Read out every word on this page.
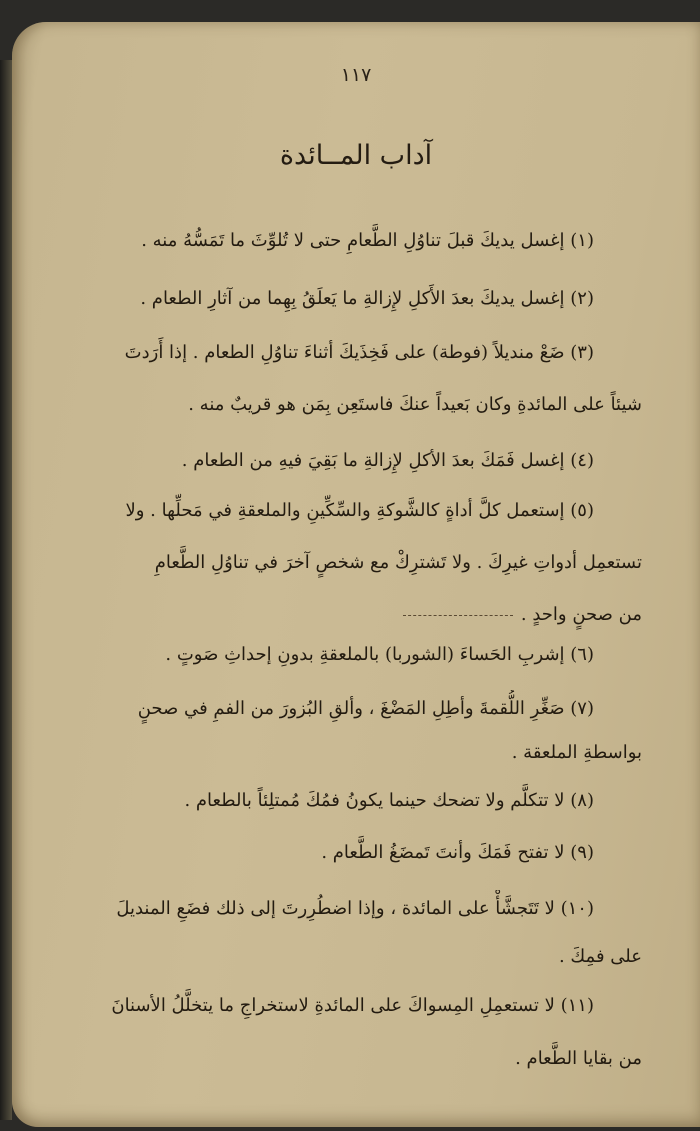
١١٧
آداب المــائدة
(١) إغسل يديكَ قبلَ تناوُلِ الطَّعامِ حتى لا تُلوِّثَ ما تَمَسُّهُ منه .
(٢) إغسل يديكَ بعدَ الأَكلِ لإِزالةِ ما يَعلَقُ بِهِما من آثارِ الطعام .
(٣) ضَعْ منديلاً (فوطة) على فَخِذَيكَ أثناءَ تناوُلِ الطعام . إذا أَرَدتَ
شيئاً على المائدةِ وكان بَعيداً عنكَ فاستَعِن بِمَن هو قريبٌ منه .
(٤) إغسل فَمَكَ بعدَ الأكلِ لإِزالةِ ما بَقِيَ فيهِ من الطعام .
(٥) إستعمل كلَّ أداةٍ كالشَّوكةِ والسِّكِّينِ والملعقةِ في مَحلِّها . ولا
تستعمِل أدواتِ غيرِكَ . ولا تَشترِكْ مع شخصٍ آخرَ في تناوُلِ الطَّعامِ
من صحنٍ واحدٍ .
(٦) إشربِ الحَساءَ (الشوربا) بالملعقةِ بدونِ إحداثِ صَوتٍ .
(٧) صَغِّرِ اللُّقمةَ وأطِلِ المَضْغَ ، وألقِ البُزورَ من الفمِ في صحنٍ
بواسطةِ الملعقة .
(٨) لا تتكلَّم ولا تضحك حينما يكونُ فمُكَ مُمتلِئاً بالطعام .
(٩) لا تفتح فَمَكَ وأنتَ تَمضَغُ الطَّعام .
(١٠) لا تَتَجشَّأْ على المائدة ، وإذا اضطُرِرتَ إلى ذلك فضَعِ المنديلَ
على فمِكَ .
(١١) لا تستعمِلِ المِسواكَ على المائدةِ لاستخراجِ ما يتخلَّلُ الأسنانَ
من بقايا الطَّعام .
